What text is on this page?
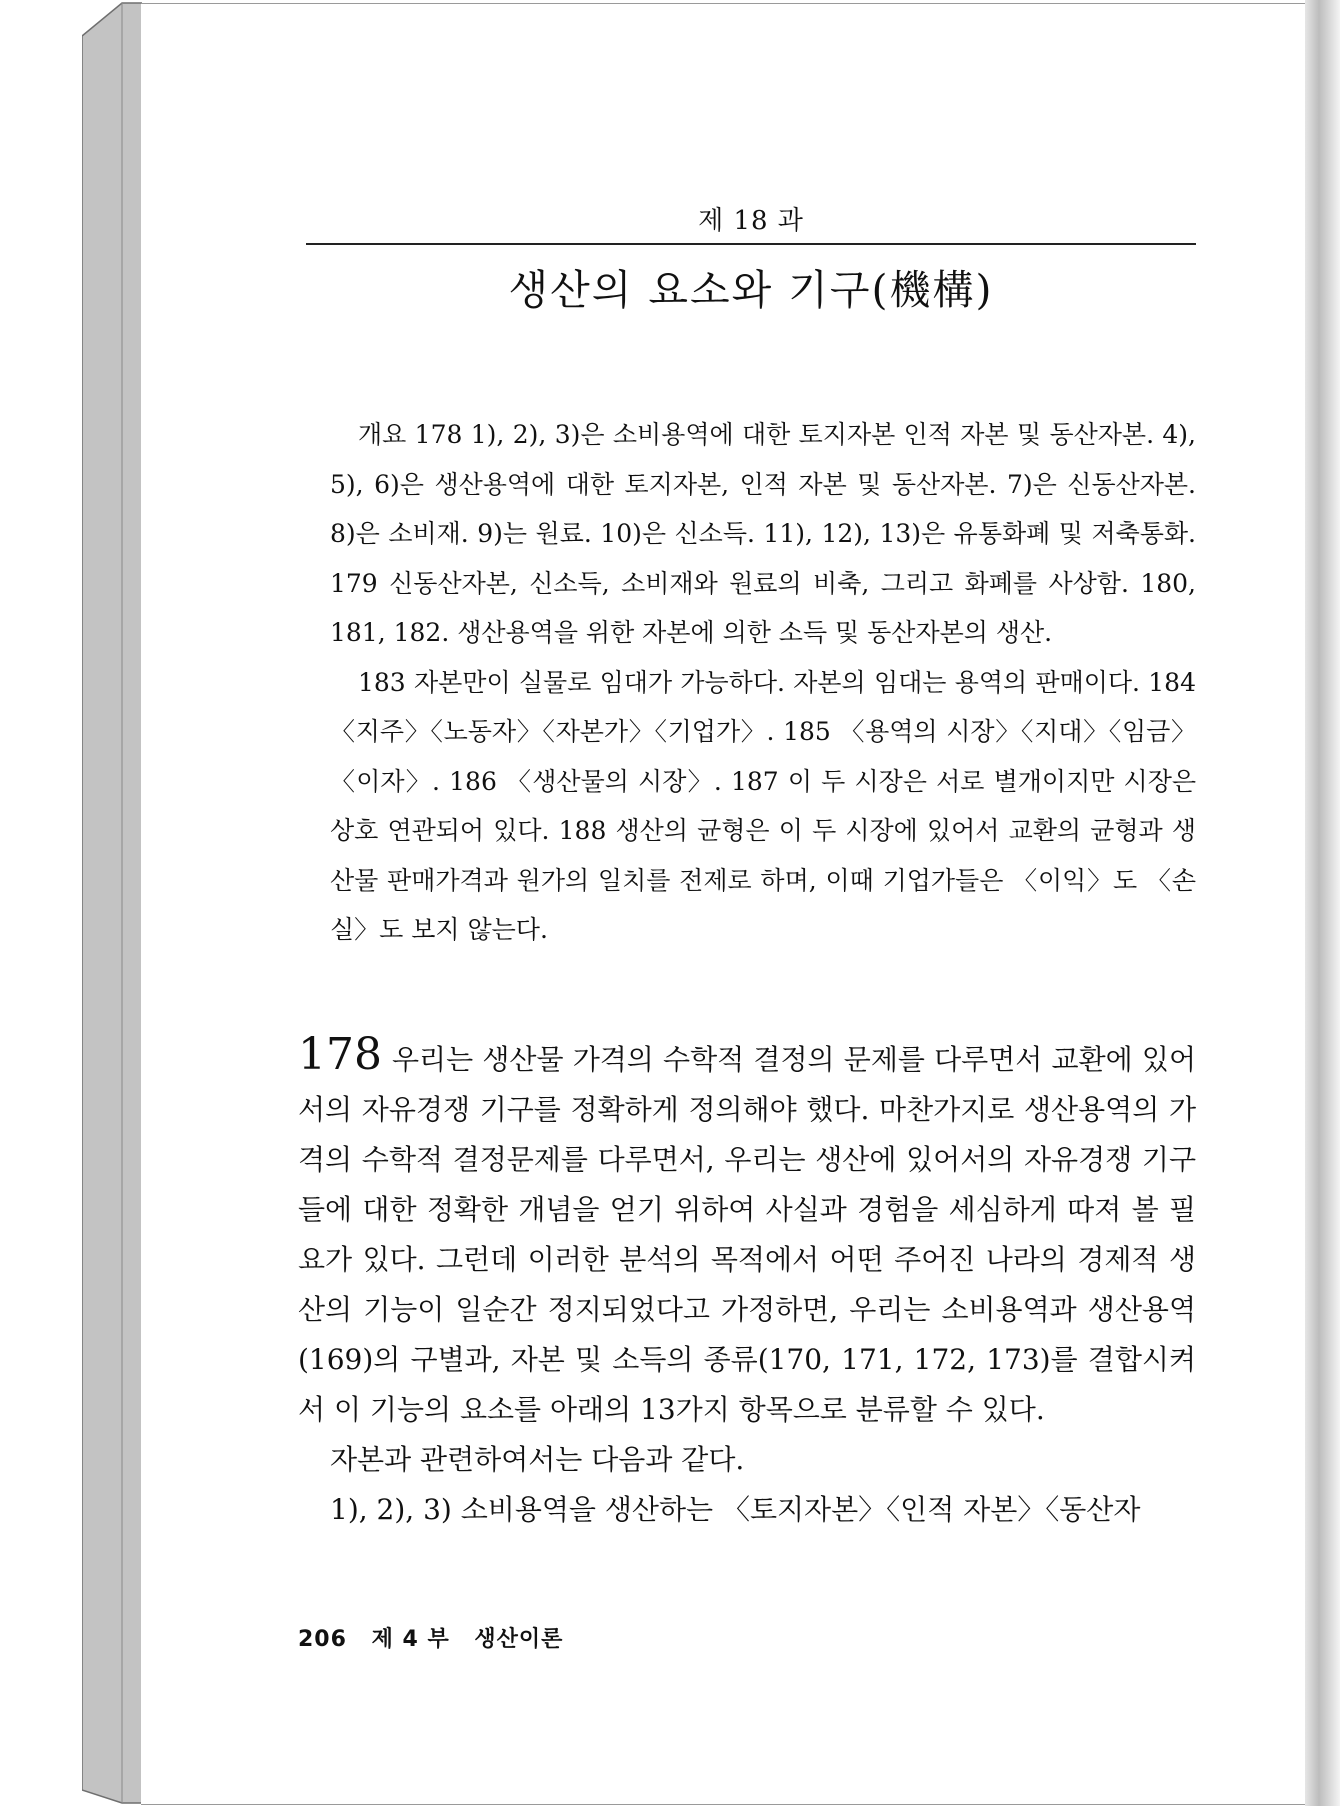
제 18 과
생산의 요소와 기구(機構)

개요 178 1), 2), 3)은 소비용역에 대한 토지자본 인적 자본 및 동산자본. 4), 5), 6)은 생산용역에 대한 토지자본, 인적 자본 및 동산자본. 7)은 신동산자본. 8)은 소비재. 9)는 원료. 10)은 신소득. 11), 12), 13)은 유통화폐 및 저축통화. 179 신동산자본, 신소득, 소비재와 원료의 비축, 그리고 화폐를 사상함. 180, 181, 182. 생산용역을 위한 자본에 의한 소득 및 동산자본의 생산.

183 자본만이 실물로 임대가 가능하다. 자본의 임대는 용역의 판매이다. 184 〈지주〉〈노동자〉〈자본가〉〈기업가〉. 185 〈용역의 시장〉〈지대〉〈임금〉〈이자〉. 186 〈생산물의 시장〉. 187 이 두 시장은 서로 별개이지만 시장은 상호 연관되어 있다. 188 생산의 균형은 이 두 시장에 있어서 교환의 균형과 생산물 판매가격과 원가의 일치를 전제로 하며, 이때 기업가들은 〈이익〉도 〈손실〉도 보지 않는다.

178 우리는 생산물 가격의 수학적 결정의 문제를 다루면서 교환에 있어서의 자유경쟁 기구를 정확하게 정의해야 했다. 마찬가지로 생산용역의 가격의 수학적 결정문제를 다루면서, 우리는 생산에 있어서의 자유경쟁 기구들에 대한 정확한 개념을 얻기 위하여 사실과 경험을 세심하게 따져 볼 필요가 있다. 그런데 이러한 분석의 목적에서 어떤 주어진 나라의 경제적 생산의 기능이 일순간 정지되었다고 가정하면, 우리는 소비용역과 생산용역(169)의 구별과, 자본 및 소득의 종류(170, 171, 172, 173)를 결합시켜서 이 기능의 요소를 아래의 13가지 항목으로 분류할 수 있다.

자본과 관련하여서는 다음과 같다.

1), 2), 3) 소비용역을 생산하는 〈토지자본〉〈인적 자본〉〈동산자

206 제 4 부 생산이론
